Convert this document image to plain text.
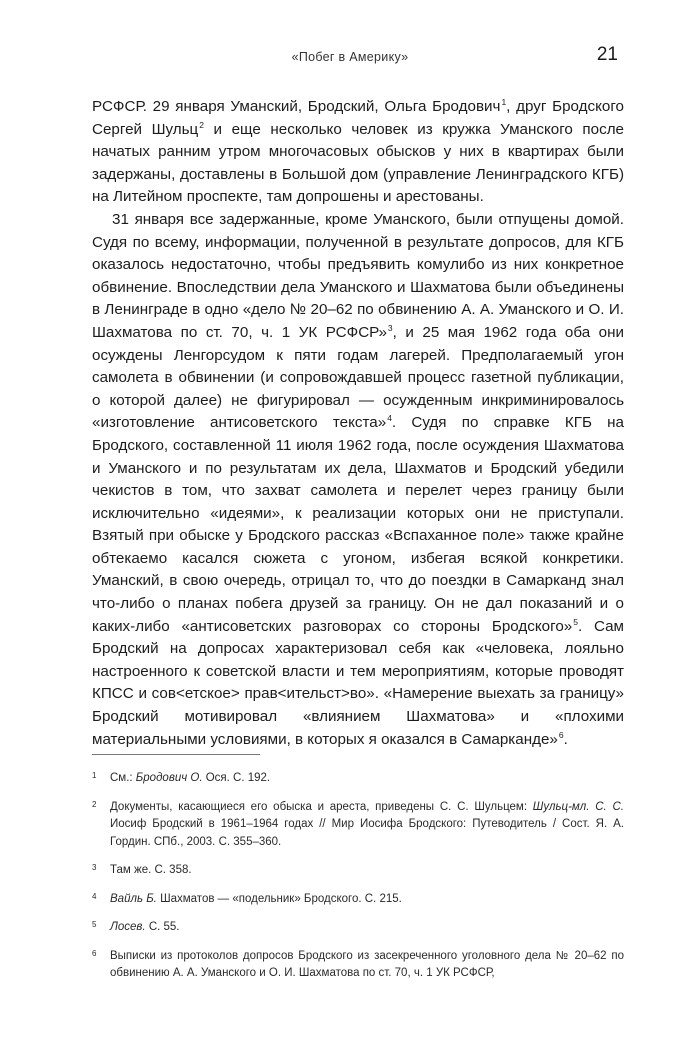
«Побег в Америку»	21

РСФСР. 29 января Уманский, Бродский, Ольга Бродович$^1$, друг Бродского Сергей Шульц$^2$ и еще несколько человек из кружка Уманского после начатых ранним утром многочасовых обысков у них в квартирах были задержаны, доставлены в Большой дом (управление Ленинградского КГБ) на Литейном проспекте, там допрошены и арестованы.

31 января все задержанные, кроме Уманского, были отпущены домой. Судя по всему, информации, полученной в результате допросов, для КГБ оказалось недостаточно, чтобы предъявить комулибо из них конкретное обвинение. Впоследствии дела Уманского и Шахматова были объединены в Ленинграде в одно «дело № 20–62 по обвинению А. А. Уманского и О. И. Шахматова по ст. 70, ч. 1 УК РСФСР»$^3$, и 25 мая 1962 года оба они осуждены Ленгорсудом к пяти годам лагерей. Предполагаемый угон самолета в обвинении (и сопровождавшей процесс газетной публикации, о которой далее) не фигурировал — осужденным инкриминировалось «изготовление антисоветского текста»$^4$. Судя по справке КГБ на Бродского, составленной 11 июля 1962 года, после осуждения Шахматова и Уманского и по результатам их дела, Шахматов и Бродский убедили чекистов в том, что захват самолета и перелет через границу были исключительно «идеями», к реализации которых они не приступали. Взятый при обыске у Бродского рассказ «Вспаханное поле» также крайне обтекаемо касался сюжета с угоном, избегая всякой конкретики. Уманский, в свою очередь, отрицал то, что до поездки в Самарканд знал что-либо о планах побега друзей за границу. Он не дал показаний и о каких-либо «антисоветских разговорах со стороны Бродского»$^5$. Сам Бродский на допросах характеризовал себя как «человека, лояльно настроенного к советской власти и тем мероприятиям, которые проводят КПСС и сов<етское> прав<ительст>во». «Намерение выехать за границу» Бродский мотивировал «влиянием Шахматова» и «плохими материальными условиями, в которых я оказался в Самарканде»$^6$.

1 См.: Бродович О. Ося. С. 192.
2 Документы, касающиеся его обыска и ареста, приведены С. С. Шульцем: Шульц-мл. С. С. Иосиф Бродский в 1961–1964 годах // Мир Иосифа Бродского: Путеводитель / Сост. Я. А. Гордин. СПб., 2003. С. 355–360.
3 Там же. С. 358.
4 Вайль Б. Шахматов — «подельник» Бродского. С. 215.
5 Лосев. С. 55.
6 Выписки из протоколов допросов Бродского из засекреченного уголовного дела № 20–62 по обвинению А. А. Уманского и О. И. Шахматова по ст. 70, ч. 1 УК РСФСР,
